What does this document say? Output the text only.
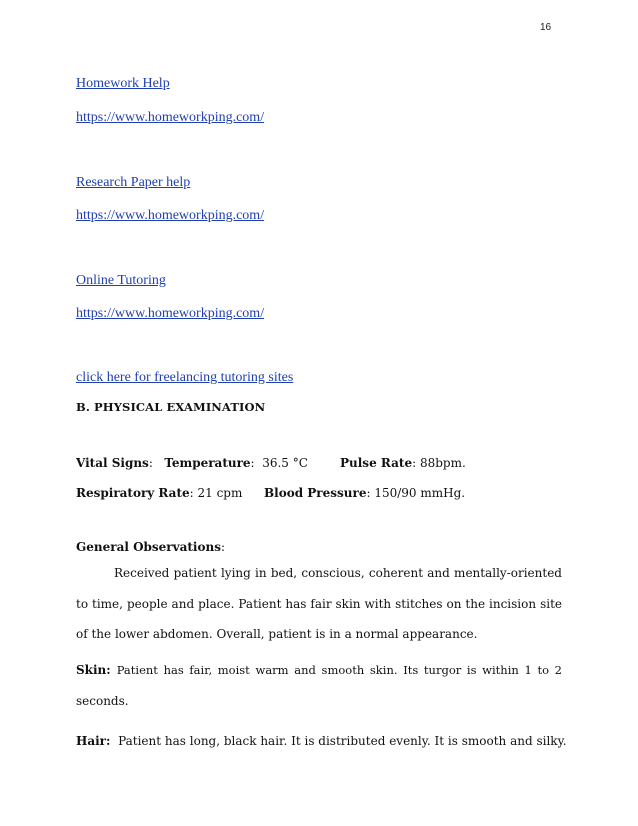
16
Homework Help
https://www.homeworkping.com/
Research Paper help
https://www.homeworkping.com/
Online Tutoring
https://www.homeworkping.com/
click here for freelancing tutoring sites
B. PHYSICAL EXAMINATION
Vital Signs:   Temperature:  36.5 °C	Pulse Rate: 88bpm.
Respiratory Rate: 21 cpm Blood Pressure: 150/90 mmHg.
General Observations:
Received patient lying in bed, conscious, coherent and mentally-oriented
to time, people and place. Patient has fair skin with stitches on the incision site
of the lower abdomen. Overall, patient is in a normal appearance.
Skin: Patient has fair, moist warm and smooth skin. Its turgor is within 1 to 2
seconds.
Hair: Patient has long, black hair. It is distributed evenly. It is smooth and silky.
